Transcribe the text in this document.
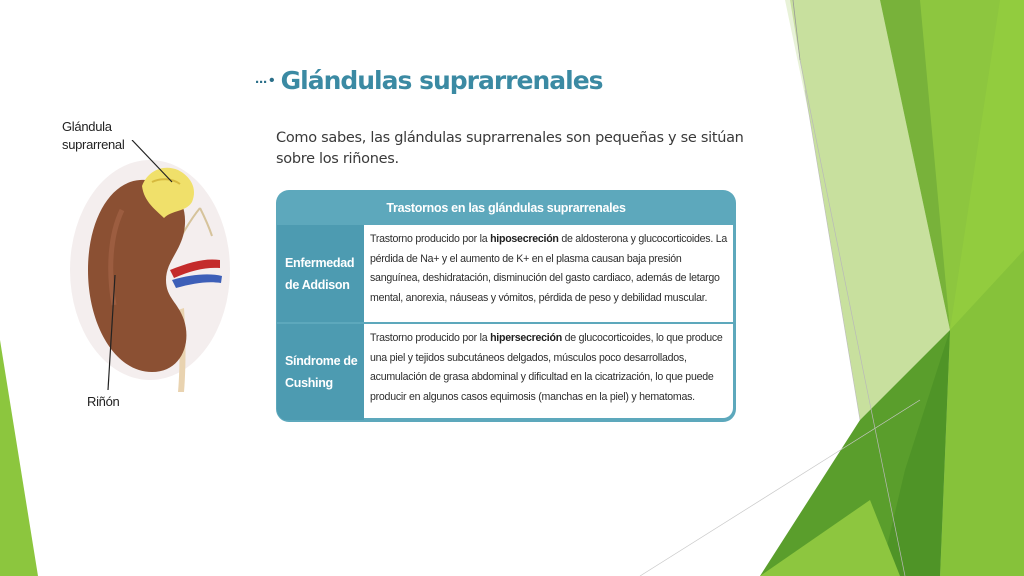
··· • Glándulas suprarrenales
Como sabes, las glándulas suprarrenales son pequeñas y se sitúan sobre los riñones.
Glándula suprarrenal
Riñón
Trastornos en las glándulas suprarrenales
Enfermedad
de Addison
Trastorno producido por la hiposecreción de aldosterona y glucocorticoides. La pérdida de Na+ y el aumento de K+ en el plasma causan baja presión sanguínea, deshidratación, disminución del gasto cardiaco, además de letargo mental, anorexia, náuseas y vómitos, pérdida de peso y debilidad muscular.
Síndrome de
Cushing
Trastorno producido por la hipersecreción de glucocorticoides, lo que produce una piel y tejidos subcutáneos delgados, músculos poco desarrollados, acumulación de grasa abdominal y dificultad en la cicatrización, lo que puede producir en algunos casos equimosis (manchas en la piel) y hematomas.
